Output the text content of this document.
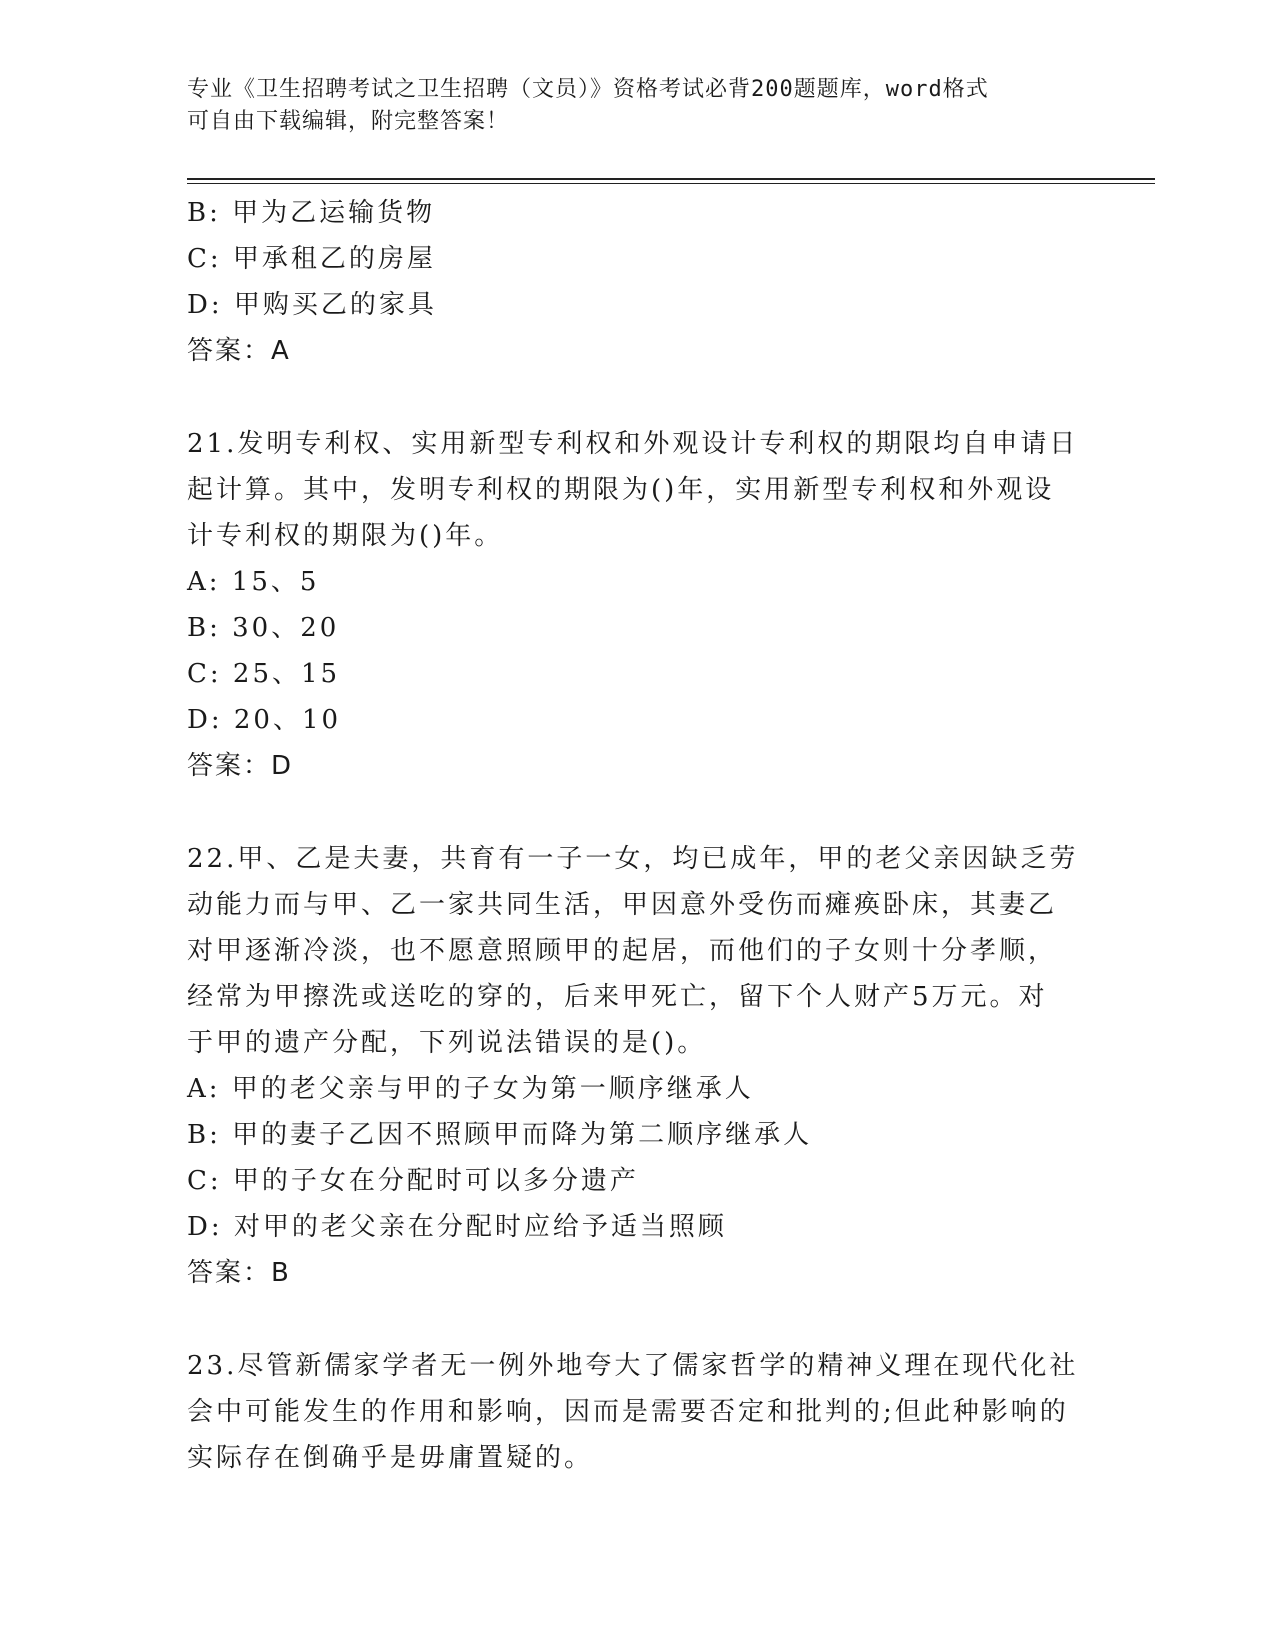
专业《卫生招聘考试之卫生招聘（文员）》资格考试必背200题题库，word格式
可自由下载编辑，附完整答案！
B: 甲为乙运输货物
C: 甲承租乙的房屋
D: 甲购买乙的家具
答案：A
21.发明专利权、实用新型专利权和外观设计专利权的期限均自申请日
起计算。其中，发明专利权的期限为()年，实用新型专利权和外观设
计专利权的期限为()年。
A: 15、5
B: 30、20
C: 25、15
D: 20、10
答案：D
22.甲、乙是夫妻，共育有一子一女，均已成年，甲的老父亲因缺乏劳
动能力而与甲、乙一家共同生活，甲因意外受伤而瘫痪卧床，其妻乙
对甲逐渐冷淡，也不愿意照顾甲的起居，而他们的子女则十分孝顺，
经常为甲擦洗或送吃的穿的，后来甲死亡，留下个人财产5万元。对
于甲的遗产分配，下列说法错误的是()。
A: 甲的老父亲与甲的子女为第一顺序继承人
B: 甲的妻子乙因不照顾甲而降为第二顺序继承人
C: 甲的子女在分配时可以多分遗产
D: 对甲的老父亲在分配时应给予适当照顾
答案：B
23.尽管新儒家学者无一例外地夸大了儒家哲学的精神义理在现代化社
会中可能发生的作用和影响，因而是需要否定和批判的;但此种影响的
实际存在倒确乎是毋庸置疑的。
